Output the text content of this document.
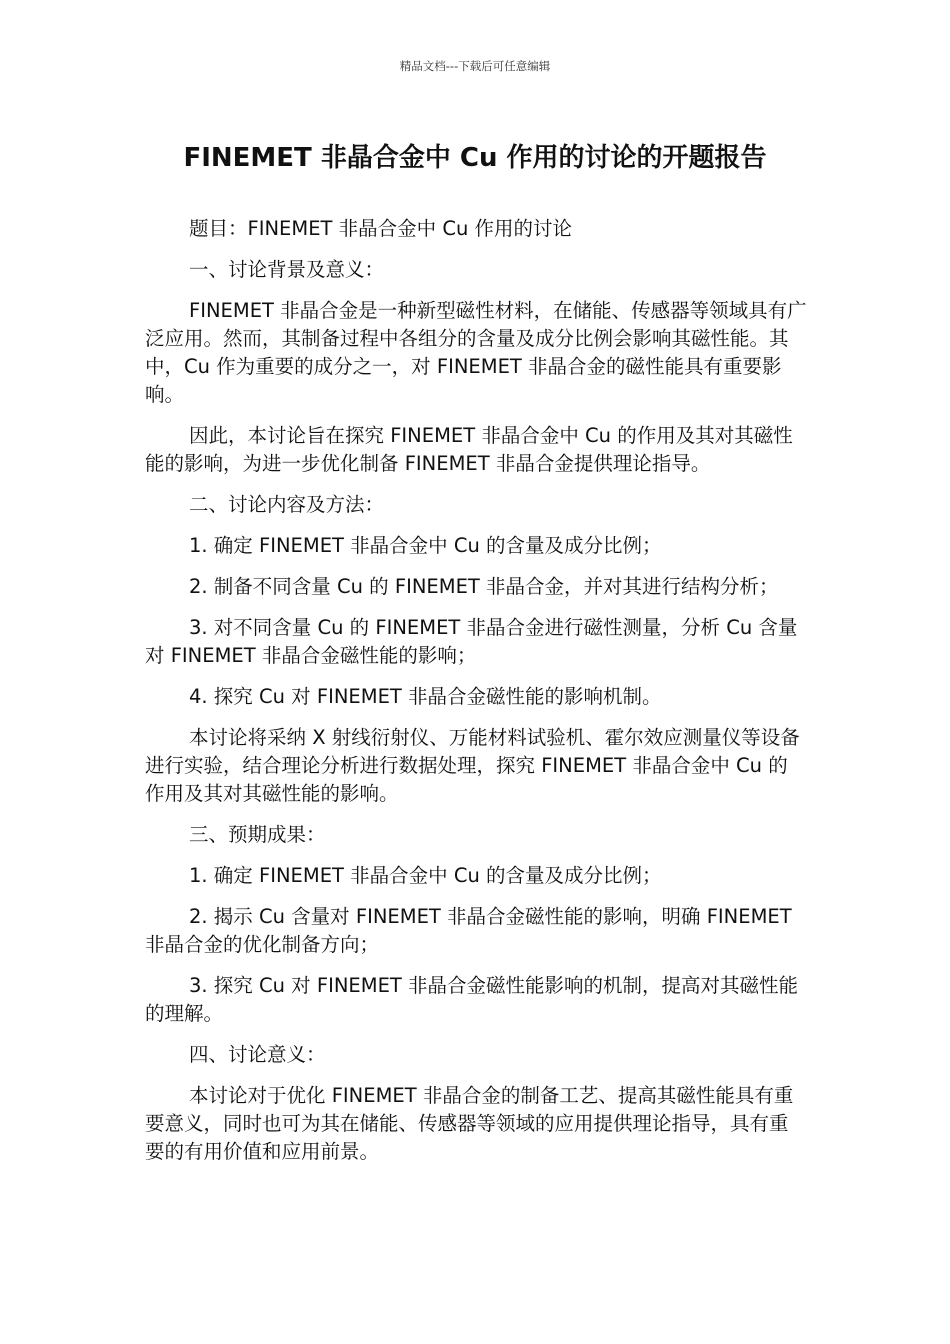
精品文档---下载后可任意编辑
FINEMET 非晶合金中 Cu 作用的讨论的开题报告

题目：FINEMET 非晶合金中 Cu 作用的讨论

一、讨论背景及意义：

FINEMET 非晶合金是一种新型磁性材料，在储能、传感器等领域具有广泛应用。然而，其制备过程中各组分的含量及成分比例会影响其磁性能。其中，Cu 作为重要的成分之一，对 FINEMET 非晶合金的磁性能具有重要影响。

因此，本讨论旨在探究 FINEMET 非晶合金中 Cu 的作用及其对其磁性能的影响，为进一步优化制备 FINEMET 非晶合金提供理论指导。

二、讨论内容及方法：

1. 确定 FINEMET 非晶合金中 Cu 的含量及成分比例；

2. 制备不同含量 Cu 的 FINEMET 非晶合金，并对其进行结构分析；

3. 对不同含量 Cu 的 FINEMET 非晶合金进行磁性测量，分析 Cu 含量对 FINEMET 非晶合金磁性能的影响；

4. 探究 Cu 对 FINEMET 非晶合金磁性能的影响机制。

本讨论将采纳 X 射线衍射仪、万能材料试验机、霍尔效应测量仪等设备进行实验，结合理论分析进行数据处理，探究 FINEMET 非晶合金中 Cu 的作用及其对其磁性能的影响。

三、预期成果：

1. 确定 FINEMET 非晶合金中 Cu 的含量及成分比例；

2. 揭示 Cu 含量对 FINEMET 非晶合金磁性能的影响，明确 FINEMET 非晶合金的优化制备方向；

3. 探究 Cu 对 FINEMET 非晶合金磁性能影响的机制，提高对其磁性能的理解。

四、讨论意义：

本讨论对于优化 FINEMET 非晶合金的制备工艺、提高其磁性能具有重要意义，同时也可为其在储能、传感器等领域的应用提供理论指导，具有重要的有用价值和应用前景。
